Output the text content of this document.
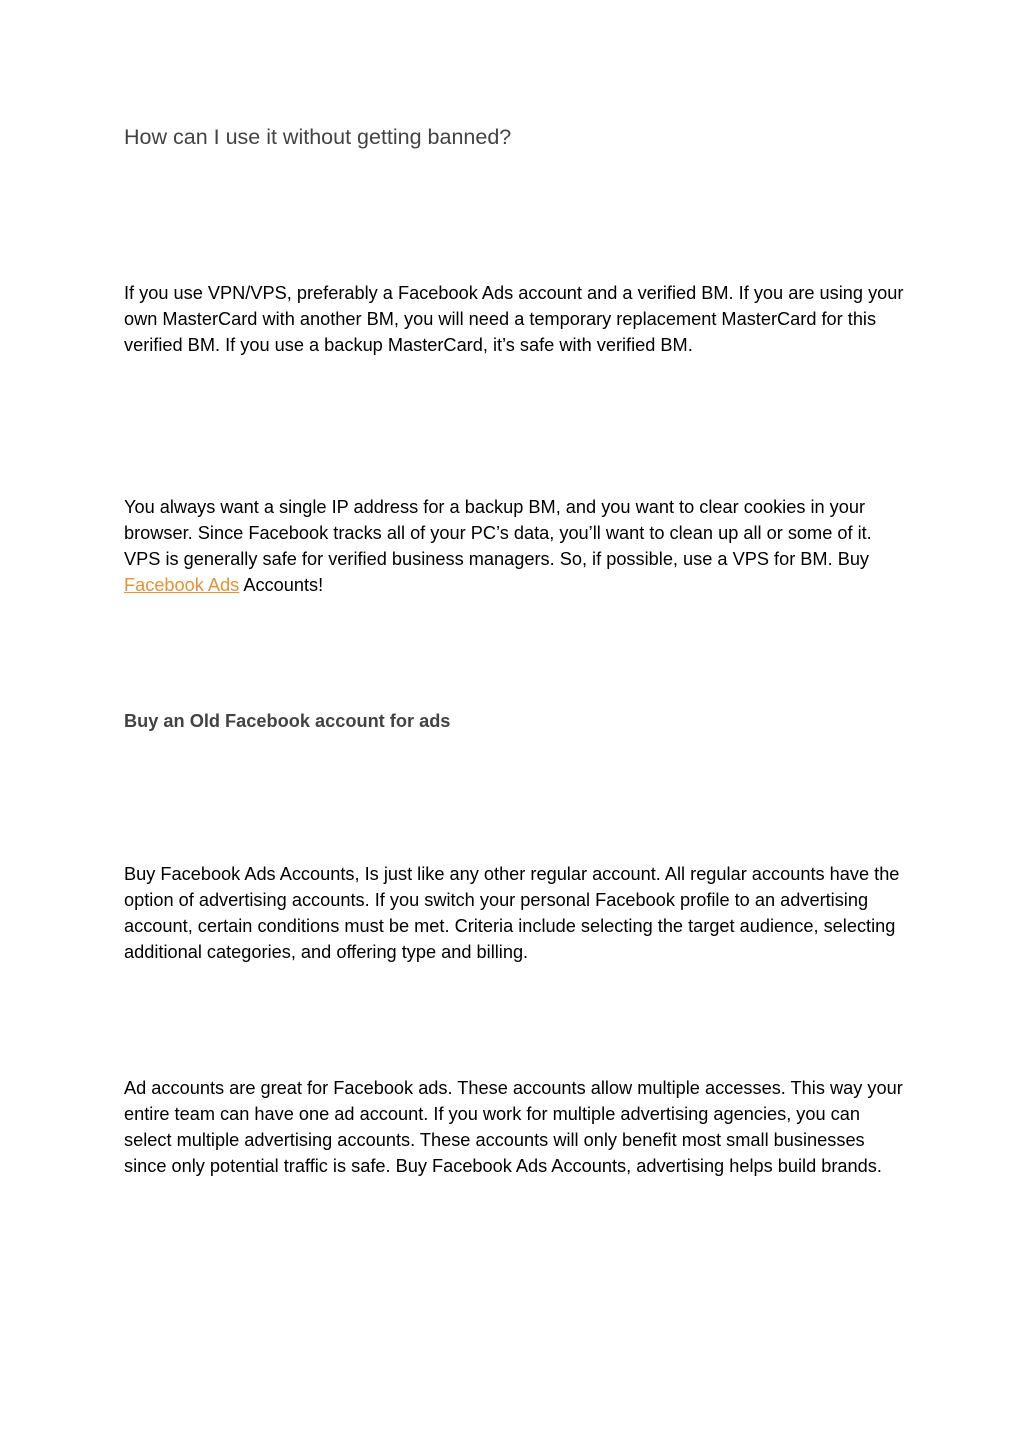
How can I use it without getting banned?

If you use VPN/VPS, preferably a Facebook Ads account and a verified BM. If you are using your own MasterCard with another BM, you will need a temporary replacement MasterCard for this verified BM. If you use a backup MasterCard, it’s safe with verified BM.

You always want a single IP address for a backup BM, and you want to clear cookies in your browser. Since Facebook tracks all of your PC’s data, you’ll want to clean up all or some of it. VPS is generally safe for verified business managers. So, if possible, use a VPS for BM. Buy Facebook Ads Accounts!

Buy an Old Facebook account for ads

Buy Facebook Ads Accounts, Is just like any other regular account. All regular accounts have the option of advertising accounts. If you switch your personal Facebook profile to an advertising account, certain conditions must be met. Criteria include selecting the target audience, selecting additional categories, and offering type and billing.

Ad accounts are great for Facebook ads. These accounts allow multiple accesses. This way your entire team can have one ad account. If you work for multiple advertising agencies, you can select multiple advertising accounts. These accounts will only benefit most small businesses since only potential traffic is safe. Buy Facebook Ads Accounts, advertising helps build brands.
